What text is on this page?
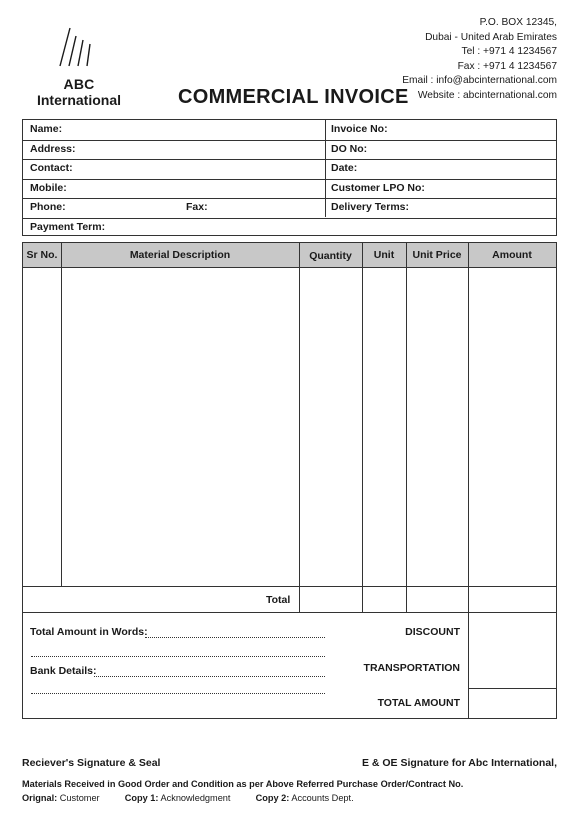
ABC
International	COMMERCIAL INVOICE
P.O. BOX 12345,
Dubai - United Arab Emirates
Tel : +971 4 1234567
Fax : +971 4 1234567
Email : info@abcinternational.com
Website : abcinternational.com
Name:	Invoice No:
Address:	DO No:
Contact:	Date:
Mobile:	Customer LPO No:
Phone:	Fax:	Delivery Terms:
Payment Term:
Sr No.	Material Description	Quantity	Unit	Unit Price	Amount
Total
Total Amount in Words:
Bank Details:
DISCOUNT
TRANSPORTATION
TOTAL AMOUNT
Reciever's Signature & Seal	E & OE Signature for Abc International,
Materials Received in Good Order and Condition as per Above Referred Purchase Order/Contract No.
Orignal: Customer	Copy 1: Acknowledgment	Copy 2: Accounts Dept.
